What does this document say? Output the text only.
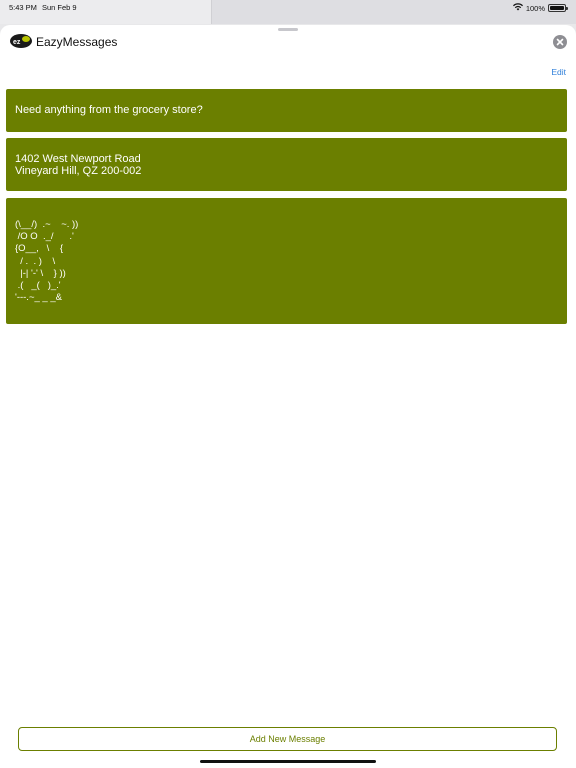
5:43 PM Sun Feb 9	100%
ez EazyMessages
Edit
Need anything from the grocery store?
1402 West Newport Road
Vineyard Hill, QZ 200-002
(\__/)  .~    ~. ))
/O O  ._/      .'
{O__,   \    {
/ .  . )    \
|-| '-' \    } ))
.(   _(   )_.'
'---.~_ _ _&
Add New Message
